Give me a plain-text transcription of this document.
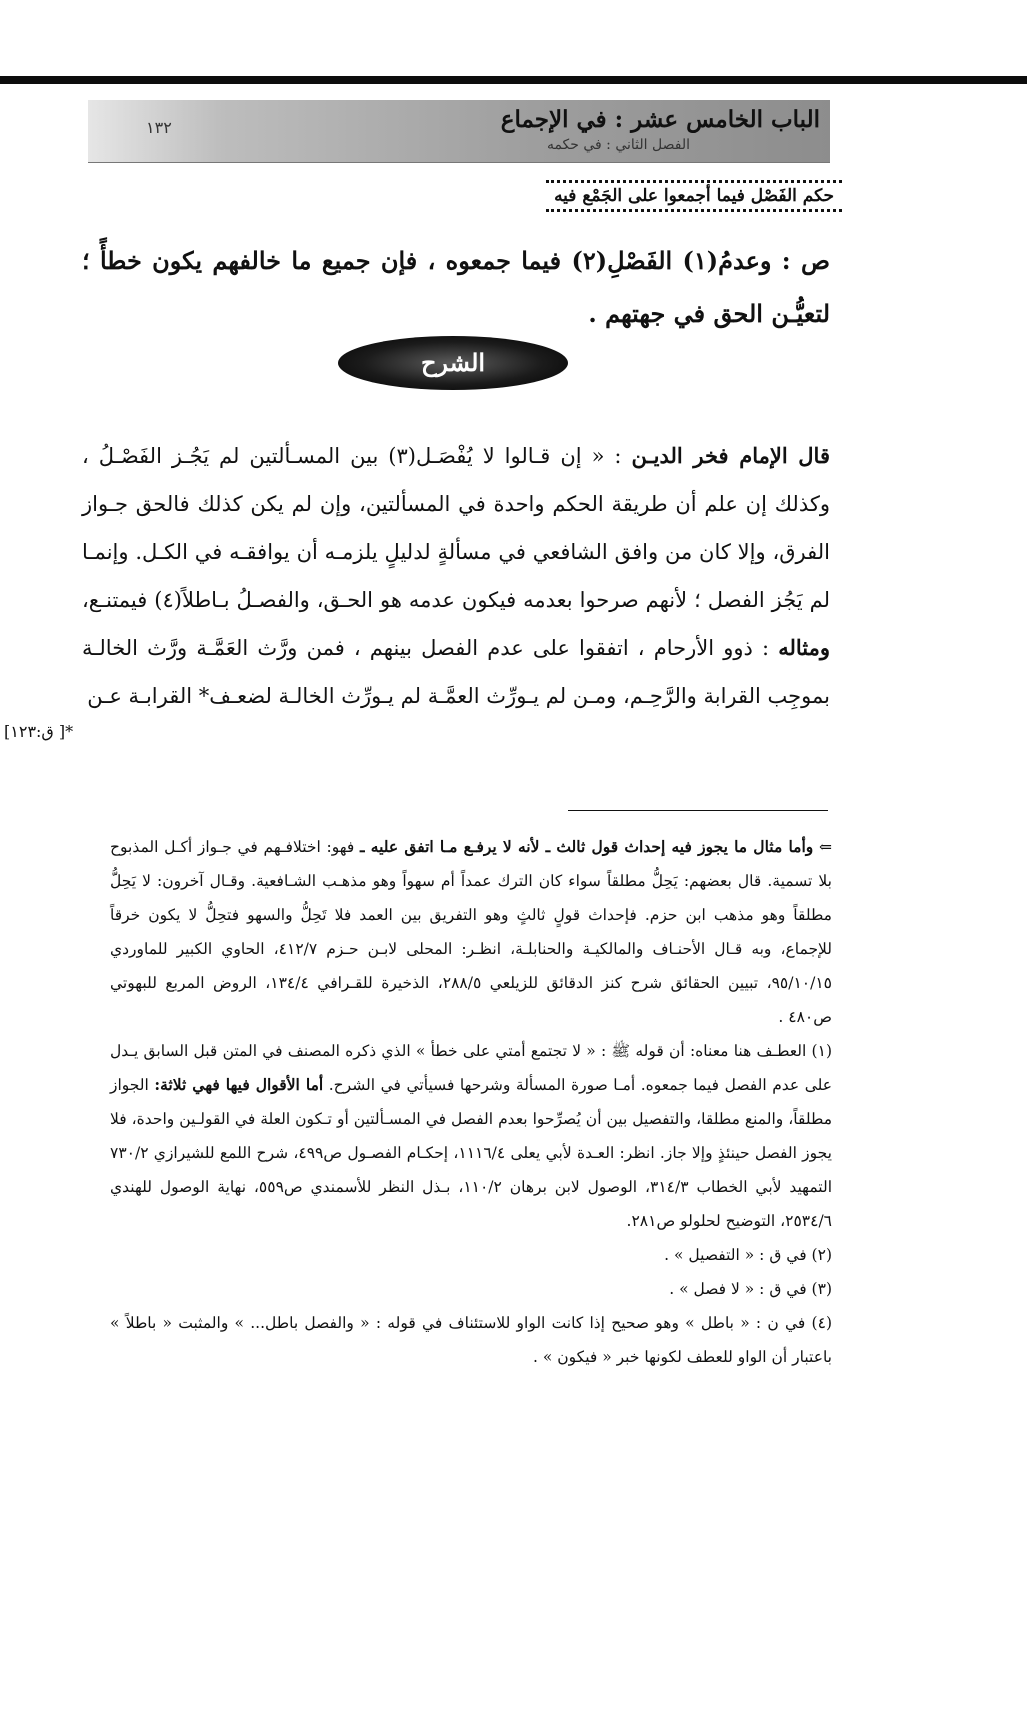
الباب الخامس عشر : في الإجماع
الفصل الثاني : في حكمه
١٣٢
حكم الفَصْل فيما أجمعوا على الجَمْع فيه
ص : وعدمُ(١) الفَصْلِ(٢) فيما جمعوه ، فإن جميع ما خالفهم يكون خطأً ؛ لتعيُّـن الحق في جهتهم .
الشرح
قال الإمام فخر الديـن : « إن قـالوا لا يُفْصَـل(٣) بين المسـألتين لم يَجُـز الفَصْـلُ ، وكذلك إن علم أن طريقة الحكم واحدة في المسألتين، وإن لم يكن كذلك فالحق جـواز الفرق، وإلا كان من وافق الشافعي في مسألةٍ لدليلٍ يلزمـه أن يوافقـه في الكـل. وإنمـا لم يَجُز الفصل ؛ لأنهم صرحوا بعدمه فيكون عدمه هو الحـق، والفصـلُ بـاطلاً(٤) فيمتنـع، ومثاله : ذوو الأرحام ، اتفقوا على عدم الفصل بينهم ، فمن ورَّث العَمَّـة ورَّث الخالـة بموجِب القرابة والرَّحِـم، ومـن لم يـورِّث العمَّـة لم يـورِّث الخالـة لضعـف* القرابـة عـن
*[ ق:١٢٣]
⇐ وأما مثال ما يجوز فيه إحداث قول ثالث ـ لأنه لا يرفـع مـا اتفق عليه ـ فهو: اختلافـهم في جـواز أكـل المذبوح بلا تسمية. قال بعضهم: يَحِلُّ مطلقاً سواء كان الترك عمداً أم سهواً وهو مذهـب الشـافعية. وقـال آخرون: لا يَحِلُّ مطلقاً وهو مذهب ابن حزم. فإحداث قولٍ ثالثٍ وهو التفريق بين العمد فلا تَحِلُّ والسهو فتحِلُّ لا يكون خرقاً للإجماع، وبه قـال الأحنـاف والمالكيـة والحنابلـة، انظـر: المحلى لابـن حـزم ٤١٢/٧، الحاوي الكبير للماوردي ٩٥/١٠/١٥، تبيين الحقائق شرح كنز الدقائق للزيلعي ٢٨٨/٥، الذخيرة للقـرافي ١٣٤/٤، الروض المربع للبهوتي ص٤٨٠ .
(١) العطـف هنا معناه: أن قوله ﷺ : « لا تجتمع أمتي على خطأ » الذي ذكره المصنف في المتن قبل السابق يـدل على عدم الفصل فيما جمعوه. أمـا صورة المسألة وشرحها فسيأتي في الشرح. أما الأقوال فيها فهي ثلاثة: الجواز مطلقاً، والمنع مطلقا، والتفصيل بين أن يُصرِّحوا بعدم الفصل في المسـألتين أو تـكون العلة في القولـين واحدة، فلا يجوز الفصل حينئذٍ وإلا جاز. انظر: العـدة لأبي يعلى ١١١٦/٤، إحكـام الفصـول ص٤٩٩، شرح اللمع للشيرازي ٧٣٠/٢ التمهيد لأبي الخطاب ٣١٤/٣، الوصول لابن برهان ١١٠/٢، بـذل النظر للأسمندي ص٥٥٩، نهاية الوصول للهندي ٢٥٣٤/٦، التوضيح لحلولو ص٢٨١.
(٢) في ق : « التفصيل » .
(٣) في ق : « لا فصل » .
(٤) في ن : « باطل » وهو صحيح إذا كانت الواو للاستئناف في قوله : « والفصل باطل... » والمثبت « باطلاً » باعتبار أن الواو للعطف لكونها خبر « فيكون » .
